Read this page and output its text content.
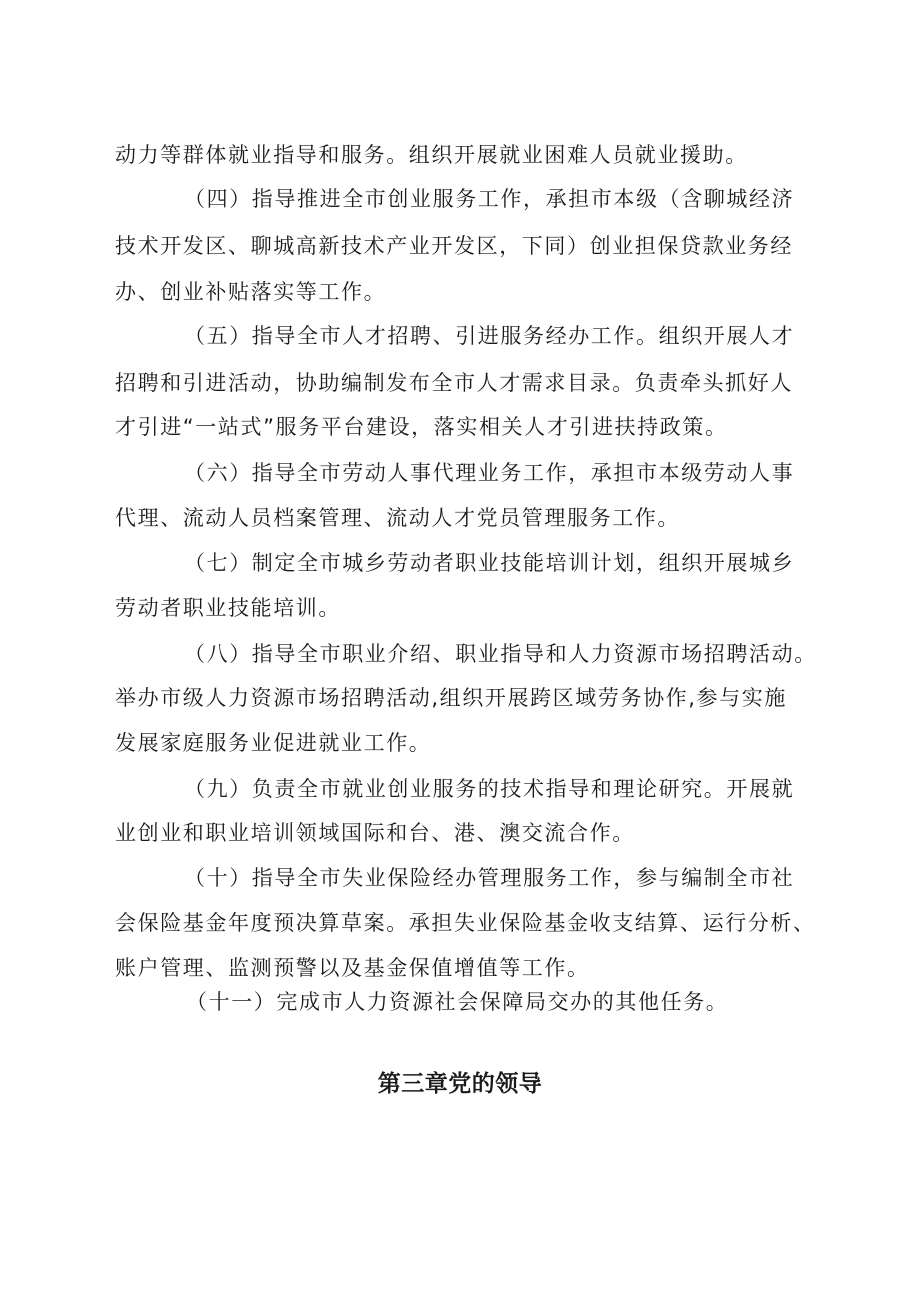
动力等群体就业指导和服务。组织开展就业困难人员就业援助。
（四）指导推进全市创业服务工作，承担市本级（含聊城经济
技术开发区、聊城高新技术产业开发区，下同）创业担保贷款业务经
办、创业补贴落实等工作。
（五）指导全市人才招聘、引进服务经办工作。组织开展人才
招聘和引进活动，协助编制发布全市人才需求目录。负责牵头抓好人
才引进“一站式”服务平台建设，落实相关人才引进扶持政策。
（六）指导全市劳动人事代理业务工作，承担市本级劳动人事
代理、流动人员档案管理、流动人才党员管理服务工作。
（七）制定全市城乡劳动者职业技能培训计划，组织开展城乡
劳动者职业技能培训。
（八）指导全市职业介绍、职业指导和人力资源市场招聘活动。
举办市级人力资源市场招聘活动,组织开展跨区域劳务协作,参与实施
发展家庭服务业促进就业工作。
（九）负责全市就业创业服务的技术指导和理论研究。开展就
业创业和职业培训领域国际和台、港、澳交流合作。
（十）指导全市失业保险经办管理服务工作，参与编制全市社
会保险基金年度预决算草案。承担失业保险基金收支结算、运行分析、
账户管理、监测预警以及基金保值增值等工作。
（十一）完成市人力资源社会保障局交办的其他任务。
第三章党的领导
